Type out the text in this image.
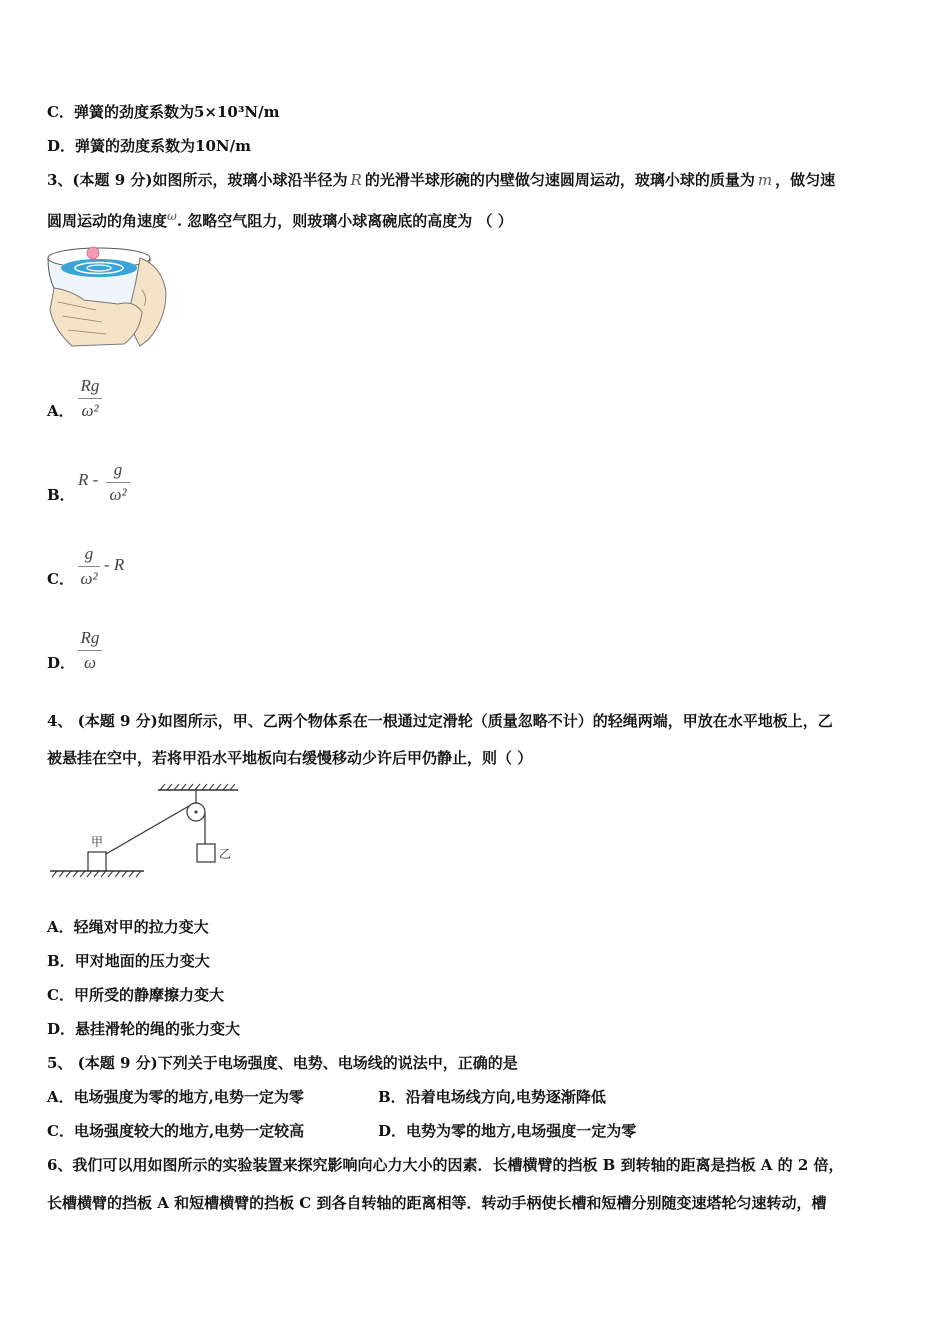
C．弹簧的劲度系数为5×10³N/m
D．弹簧的劲度系数为10N/m
3、(本题 9 分)如图所示，玻璃小球沿半径为 R 的光滑半球形碗的内壁做匀速圆周运动，玻璃小球的质量为 m ，做匀速
圆周运动的角速度$^\omega$. 忽略空气阻力，则玻璃小球离碗底的高度为 （ ）
A．
Rg
ω²
B．
R -
g
ω²
C．
g
ω²
- R
D．
Rg
ω
4、 (本题 9 分)如图所示，甲、乙两个物体系在一根通过定滑轮（质量忽略不计）的轻绳两端，甲放在水平地板上，乙
被悬挂在空中，若将甲沿水平地板向右缓慢移动少许后甲仍静止，则（ ）
甲
乙
A．轻绳对甲的拉力变大
B．甲对地面的压力变大
C．甲所受的静摩擦力变大
D．悬挂滑轮的绳的张力变大
5、 (本题 9 分)下列关于电场强度、电势、电场线的说法中，正确的是
A．电场强度为零的地方,电势一定为零	B．沿着电场线方向,电势逐渐降低
C．电场强度较大的地方,电势一定较高	D．电势为零的地方,电场强度一定为零
6、我们可以用如图所示的实验装置来探究影响向心力大小的因素．长槽横臂的挡板 B 到转轴的距离是挡板 A 的 2 倍，
长槽横臂的挡板 A 和短槽横臂的挡板 C 到各自转轴的距离相等．转动手柄使长槽和短槽分别随变速塔轮匀速转动，槽
